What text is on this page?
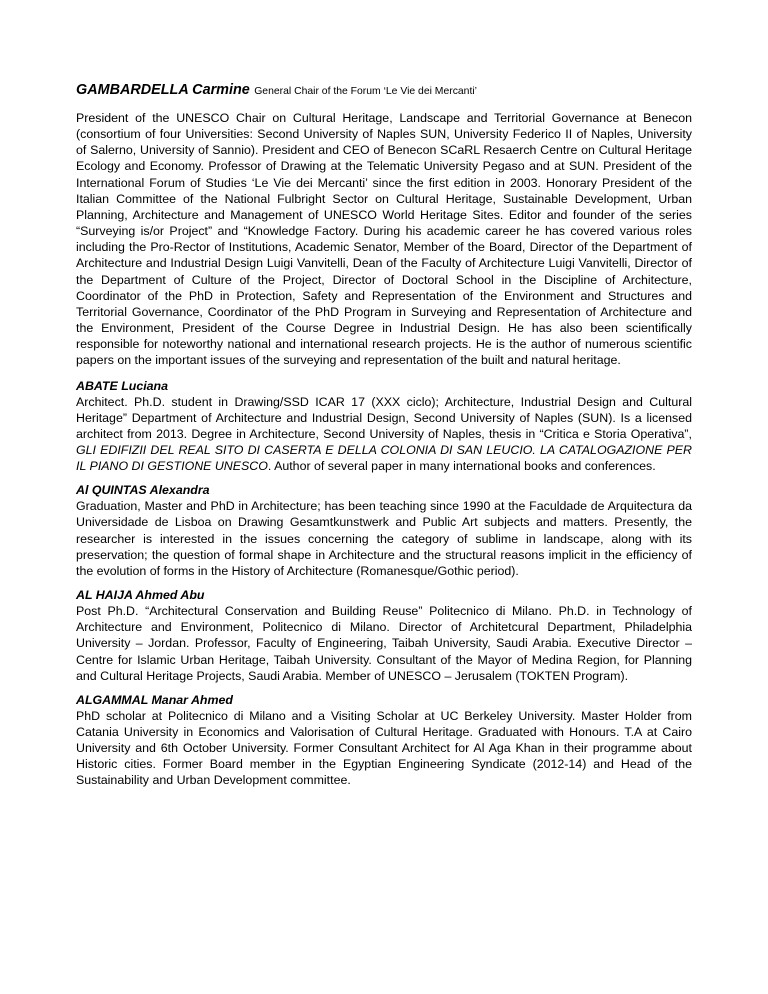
GAMBARDELLA Carmine General Chair of the Forum ‘Le Vie dei Mercanti’

President of the UNESCO Chair on Cultural Heritage, Landscape and Territorial Governance at Benecon (consortium of four Universities: Second University of Naples SUN, University Federico II of Naples, University of Salerno, University of Sannio). President and CEO of Benecon SCaRL Resaerch Centre on Cultural Heritage Ecology and Economy. Professor of Drawing at the Telematic University Pegaso and at SUN. President of the International Forum of Studies ‘Le Vie dei Mercanti’ since the first edition in 2003. Honorary President of the Italian Committee of the National Fulbright Sector on Cultural Heritage, Sustainable Development, Urban Planning, Architecture and Management of UNESCO World Heritage Sites. Editor and founder of the series “Surveying is/or Project” and “Knowledge Factory. During his academic career he has covered various roles including the Pro-Rector of Institutions, Academic Senator, Member of the Board, Director of the Department of Architecture and Industrial Design Luigi Vanvitelli, Dean of the Faculty of Architecture Luigi Vanvitelli, Director of the Department of Culture of the Project, Director of Doctoral School in the Discipline of Architecture, Coordinator of the PhD in Protection, Safety and Representation of the Environment and Structures and Territorial Governance, Coordinator of the PhD Program in Surveying and Representation of Architecture and the Environment, President of the Course Degree in Industrial Design. He has also been scientifically responsible for noteworthy national and international research projects. He is the author of numerous scientific papers on the important issues of the surveying and representation of the built and natural heritage.

ABATE Luciana

Architect. Ph.D. student in Drawing/SSD ICAR 17 (XXX ciclo); Architecture, Industrial Design and Cultural Heritage” Department of Architecture and Industrial Design, Second University of Naples (SUN). Is a licensed architect from 2013. Degree in Architecture, Second University of Naples, thesis in “Critica e Storia Operativa”, GLI EDIFIZII DEL REAL SITO DI CASERTA E DELLA COLONIA DI SAN LEUCIO. LA CATALOGAZIONE PER IL PIANO DI GESTIONE UNESCO. Author of several paper in many international books and conferences.

Al QUINTAS Alexandra

Graduation, Master and PhD in Architecture; has been teaching since 1990 at the Faculdade de Arquitectura da Universidade de Lisboa on Drawing Gesamtkunstwerk and Public Art subjects and matters. Presently, the researcher is interested in the issues concerning the category of sublime in landscape, along with its preservation; the question of formal shape in Architecture and the structural reasons implicit in the efficiency of the evolution of forms in the History of Architecture (Romanesque/Gothic period).

AL HAIJA Ahmed Abu

Post Ph.D. “Architectural Conservation and Building Reuse” Politecnico di Milano. Ph.D. in Technology of Architecture and Environment, Politecnico di Milano. Director of Architetcural Department, Philadelphia University – Jordan. Professor, Faculty of Engineering, Taibah University, Saudi Arabia. Executive Director – Centre for Islamic Urban Heritage, Taibah University. Consultant of the Mayor of Medina Region, for Planning and Cultural Heritage Projects, Saudi Arabia. Member of UNESCO – Jerusalem (TOKTEN Program).

ALGAMMAL Manar Ahmed

PhD scholar at Politecnico di Milano and a Visiting Scholar at UC Berkeley University. Master Holder from Catania University in Economics and Valorisation of Cultural Heritage. Graduated with Honours. T.A at Cairo University and 6th October University. Former Consultant Architect for Al Aga Khan in their programme about Historic cities. Former Board member in the Egyptian Engineering Syndicate (2012-14) and Head of the Sustainability and Urban Development committee.
